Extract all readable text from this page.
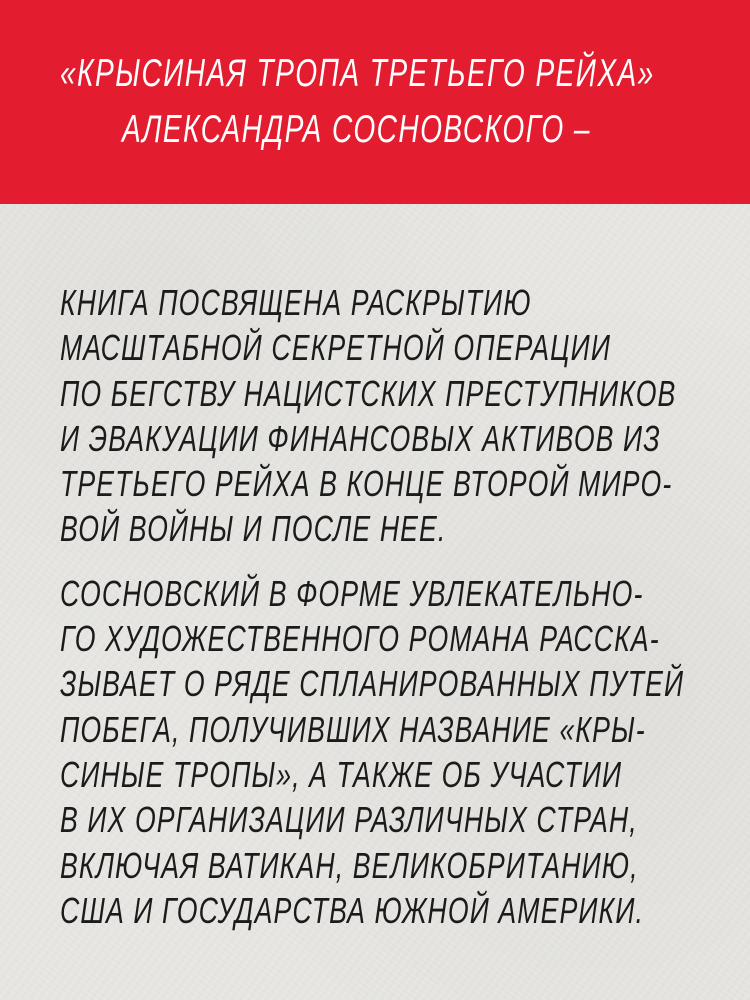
«КРЫСИНАЯ ТРОПА ТРЕТЬЕГО РЕЙХА»
АЛЕКСАНДРА СОСНОВСКОГО –
КНИГА ПОСВЯЩЕНА РАСКРЫТИЮ
МАСШТАБНОЙ СЕКРЕТНОЙ ОПЕРАЦИИ
ПО БЕГСТВУ НАЦИСТСКИХ ПРЕСТУПНИКОВ
И ЭВАКУАЦИИ ФИНАНСОВЫХ АКТИВОВ ИЗ
ТРЕТЬЕГО РЕЙХА В КОНЦЕ ВТОРОЙ МИРО-
ВОЙ ВОЙНЫ И ПОСЛЕ НЕЕ.
СОСНОВСКИЙ В ФОРМЕ УВЛЕКАТЕЛЬНО-
ГО ХУДОЖЕСТВЕННОГО РОМАНА РАССКА-
ЗЫВАЕТ О РЯДЕ СПЛАНИРОВАННЫХ ПУТЕЙ
ПОБЕГА, ПОЛУЧИВШИХ НАЗВАНИЕ «КРЫ-
СИНЫЕ ТРОПЫ», А ТАКЖЕ ОБ УЧАСТИИ
В ИХ ОРГАНИЗАЦИИ РАЗЛИЧНЫХ СТРАН,
ВКЛЮЧАЯ ВАТИКАН, ВЕЛИКОБРИТАНИЮ,
США И ГОСУДАРСТВА ЮЖНОЙ АМЕРИКИ.
